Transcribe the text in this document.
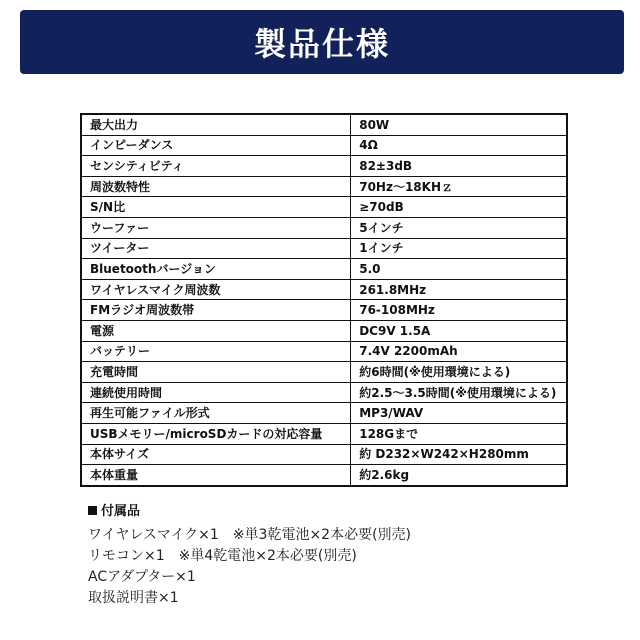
製品仕様
最大出力	80W
インピーダンス	4Ω
センシティビティ	82±3dB
周波数特性	70Hz～18KHｚ
S/N比	≥70dB
ウーファー	5インチ
ツイーター	1インチ
Bluetoothバージョン	5.0
ワイヤレスマイク周波数	261.8MHz
FMラジオ周波数帯	76-108MHz
電源	DC9V 1.5A
バッテリー	7.4V 2200mAh
充電時間	約6時間(※使用環境による)
連続使用時間	約2.5～3.5時間(※使用環境による)
再生可能ファイル形式	MP3/WAV
USBメモリー/microSDカードの対応容量	128Gまで
本体サイズ	約 D232×W242×H280mm
本体重量	約2.6kg
付属品
ワイヤレスマイク×1　※単3乾電池×2本必要(別売)
リモコン×1　※単4乾電池×2本必要(別売)
ACアダプター×1
取扱説明書×1
